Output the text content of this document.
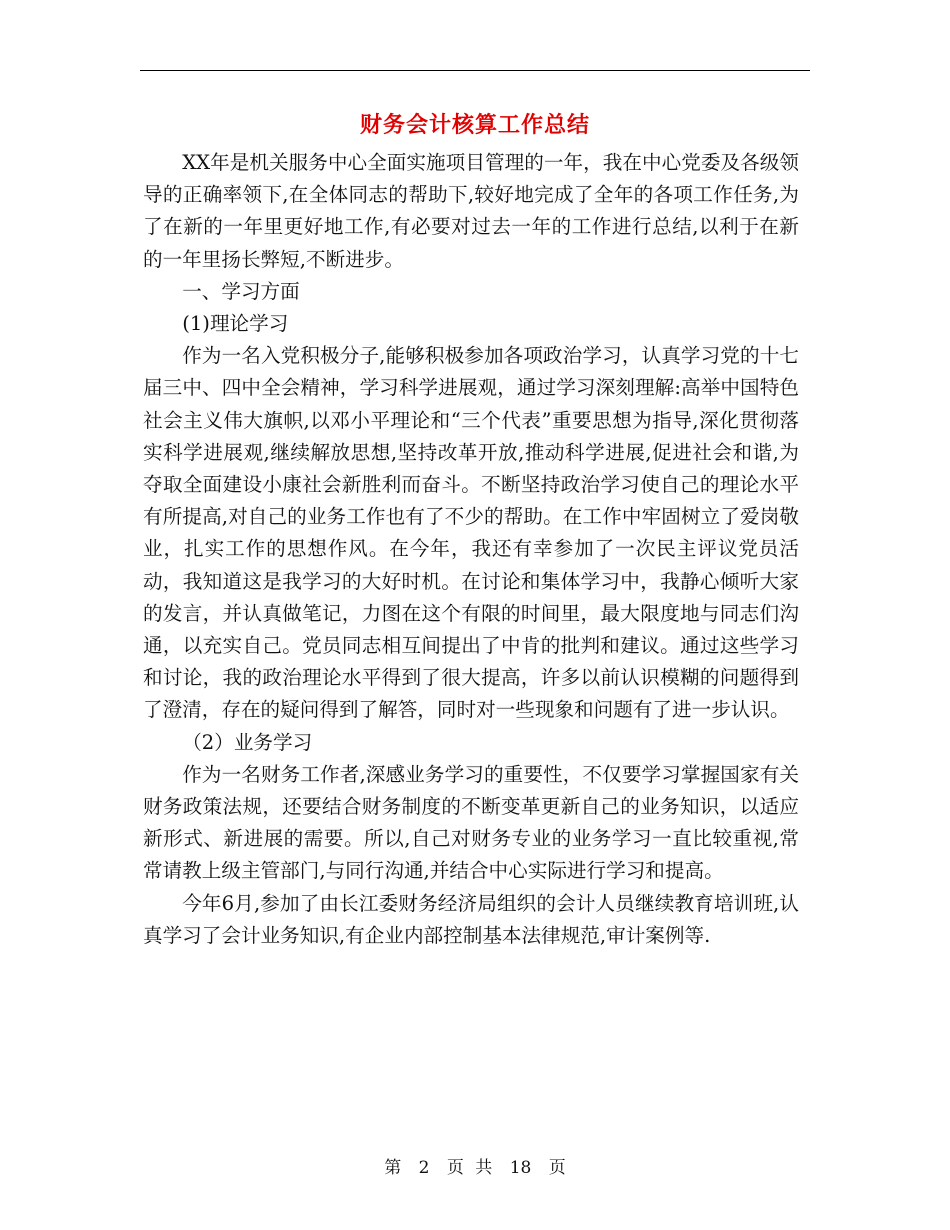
财务会计核算工作总结

XX年是机关服务中心全面实施项目管理的一年，我在中心党委及各级领导的正确率领下,在全体同志的帮助下,较好地完成了全年的各项工作任务,为了在新的一年里更好地工作,有必要对过去一年的工作进行总结,以利于在新的一年里扬长弊短,不断进步。

一、学习方面

(1)理论学习

作为一名入党积极分子,能够积极参加各项政治学习，认真学习党的十七届三中、四中全会精神，学习科学进展观，通过学习深刻理解:高举中国特色社会主义伟大旗帜,以邓小平理论和“三个代表”重要思想为指导,深化贯彻落实科学进展观,继续解放思想,坚持改革开放,推动科学进展,促进社会和谐,为夺取全面建设小康社会新胜利而奋斗。不断坚持政治学习使自己的理论水平有所提高,对自己的业务工作也有了不少的帮助。在工作中牢固树立了爱岗敬业，扎实工作的思想作风。在今年，我还有幸参加了一次民主评议党员活动，我知道这是我学习的大好时机。在讨论和集体学习中，我静心倾听大家的发言，并认真做笔记，力图在这个有限的时间里，最大限度地与同志们沟通，以充实自己。党员同志相互间提出了中肯的批判和建议。通过这些学习和讨论，我的政治理论水平得到了很大提高，许多以前认识模糊的问题得到了澄清，存在的疑问得到了解答，同时对一些现象和问题有了进一步认识。

（2）业务学习

作为一名财务工作者,深感业务学习的重要性，不仅要学习掌握国家有关财务政策法规，还要结合财务制度的不断变革更新自己的业务知识，以适应新形式、新进展的需要。所以,自己对财务专业的业务学习一直比较重视,常常请教上级主管部门,与同行沟通,并结合中心实际进行学习和提高。

今年6月,参加了由长江委财务经济局组织的会计人员继续教育培训班,认真学习了会计业务知识,有企业内部控制基本法律规范,审计案例等.

第 2 页 共 18 页
